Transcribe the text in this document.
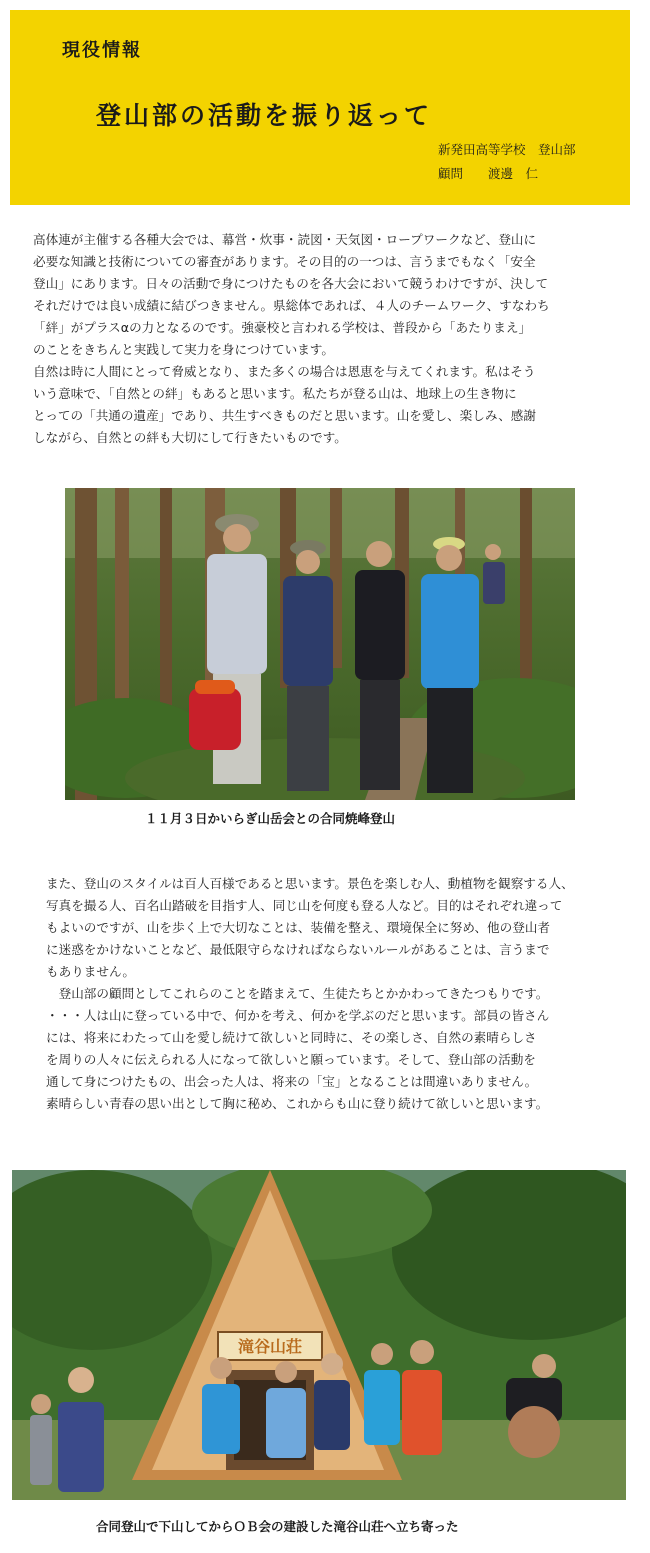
現役情報
登山部の活動を振り返って
新発田高等学校　登山部
顧問　　渡邊　仁

高体連が主催する各種大会では、幕営・炊事・読図・天気図・ロープワークなど、登山に

必要な知識と技術についての審査があります。その目的の一つは、言うまでもなく「安全

登山」にあります。日々の活動で身につけたものを各大会において競うわけですが、決して

それだけでは良い成績に結びつきません。県総体であれば、４人のチームワーク、すなわち

「絆」がプラスαの力となるのです。強豪校と言われる学校は、普段から「あたりまえ」

のことをきちんと実践して実力を身につけています。

自然は時に人間にとって脅威となり、また多くの場合は恩恵を与えてくれます。私はそう

いう意味で、「自然との絆」もあると思います。私たちが登る山は、地球上の生き物に

とっての「共通の遺産」であり、共生すべきものだと思います。山を愛し、楽しみ、感謝

しながら、自然との絆も大切にして行きたいものです。

１１月３日かいらぎ山岳会との合同焼峰登山

また、登山のスタイルは百人百様であると思います。景色を楽しむ人、動植物を観察する人、

写真を撮る人、百名山踏破を目指す人、同じ山を何度も登る人など。目的はそれぞれ違って

もよいのですが、山を歩く上で大切なことは、装備を整え、環境保全に努め、他の登山者

に迷惑をかけないことなど、最低限守らなければならないルールがあることは、言うまで

もありません。

　登山部の顧問としてこれらのことを踏まえて、生徒たちとかかわってきたつもりです。

・・・人は山に登っている中で、何かを考え、何かを学ぶのだと思います。部員の皆さん

には、将来にわたって山を愛し続けて欲しいと同時に、その楽しさ、自然の素晴らしさ

を周りの人々に伝えられる人になって欲しいと願っています。そして、登山部の活動を

通して身につけたもの、出会った人は、将来の「宝」となることは間違いありません。

素晴らしい青春の思い出として胸に秘め、これからも山に登り続けて欲しいと思います。

滝谷山荘
合同登山で下山してからＯＢ会の建設した滝谷山荘へ立ち寄った
